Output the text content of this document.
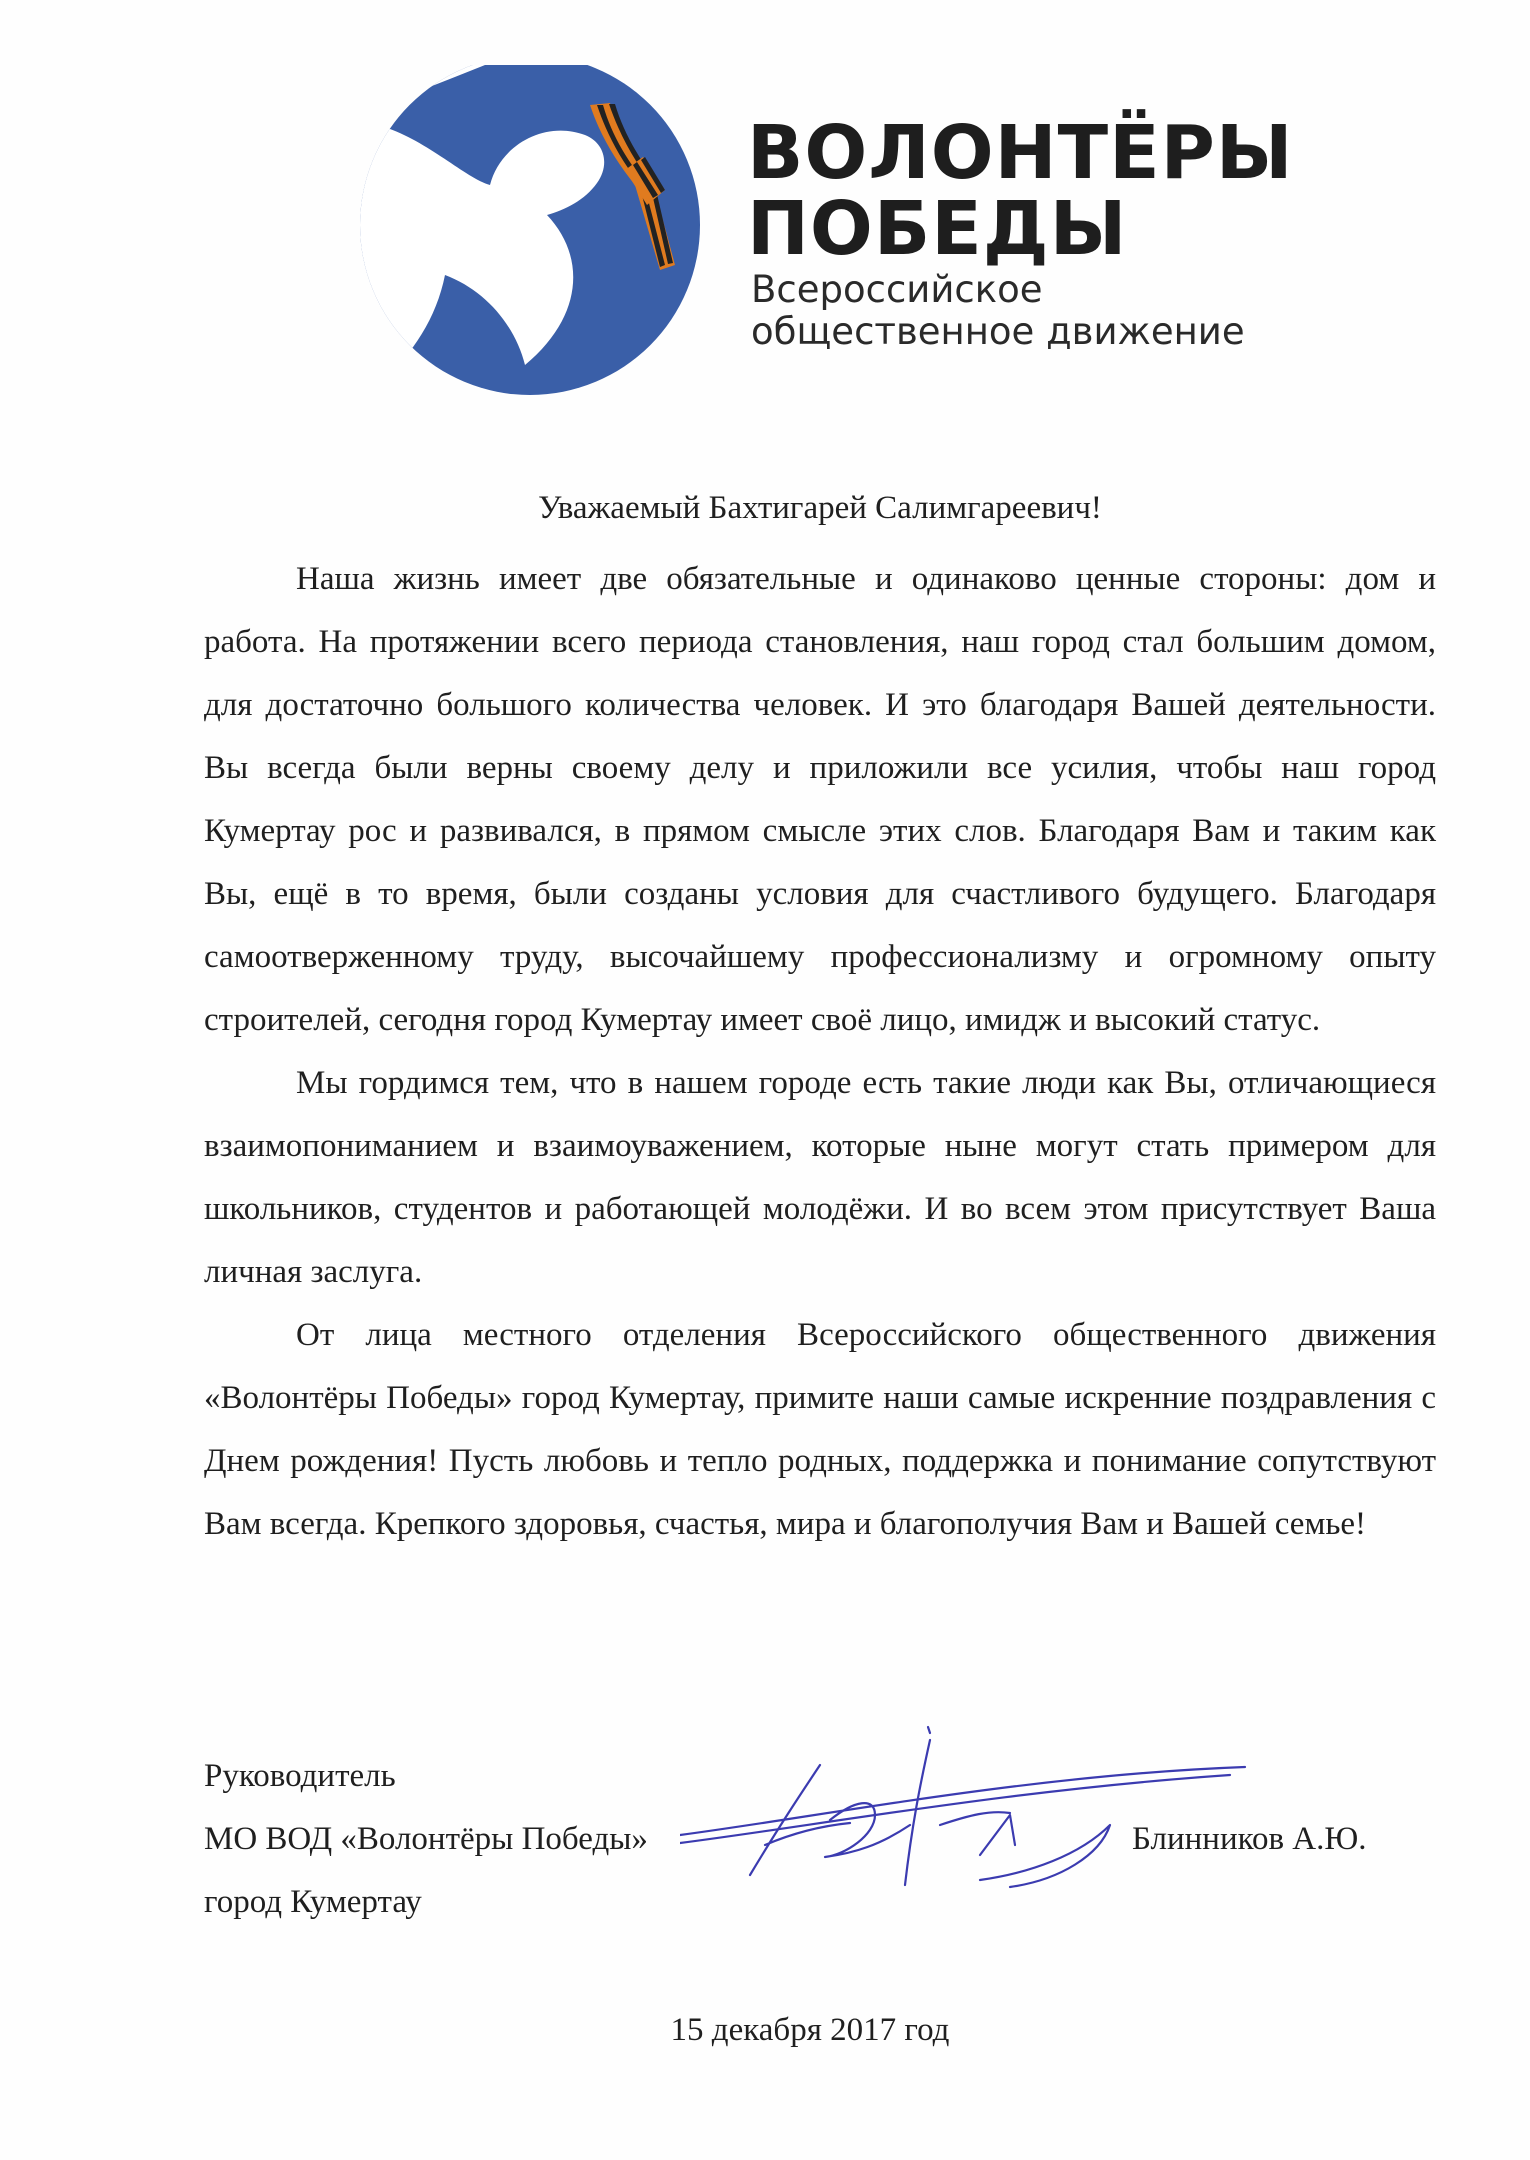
ВОЛОНТЁРЫ
ПОБЕДЫ
Всероссийское
общественное движение
Уважаемый Бахтигарей Салимгареевич!

Наша жизнь имеет две обязательные и одинаково ценные стороны: дом и работа. На протяжении всего периода становления, наш город стал большим домом, для достаточно большого количества человек. И это благодаря Вашей деятельности. Вы всегда были верны своему делу и приложили все усилия, чтобы наш город Кумертау рос и развивался, в прямом смысле этих слов. Благодаря Вам и таким как Вы, ещё в то время, были созданы условия для счастливого будущего. Благодаря самоотверженному труду, высочайшему профессионализму и огромному опыту строителей, сегодня город Кумертау имеет своё лицо, имидж и высокий статус.

Мы гордимся тем, что в нашем городе есть такие люди как Вы, отличающиеся взаимопониманием и взаимоуважением, которые ныне могут стать примером для школьников, студентов и работающей молодёжи. И во всем этом присутствует Ваша личная заслуга.

От лица местного отделения Всероссийского общественного движения «Волонтёры Победы» город Кумертау, примите наши самые искренние поздравления с Днем рождения! Пусть любовь и тепло родных, поддержка и понимание сопутствуют Вам всегда. Крепкого здоровья, счастья, мира и благополучия Вам и Вашей семье!

Руководитель
МО ВОД «Волонтёры Победы»
город Кумертау
Блинников А.Ю.
15 декабря 2017 год
